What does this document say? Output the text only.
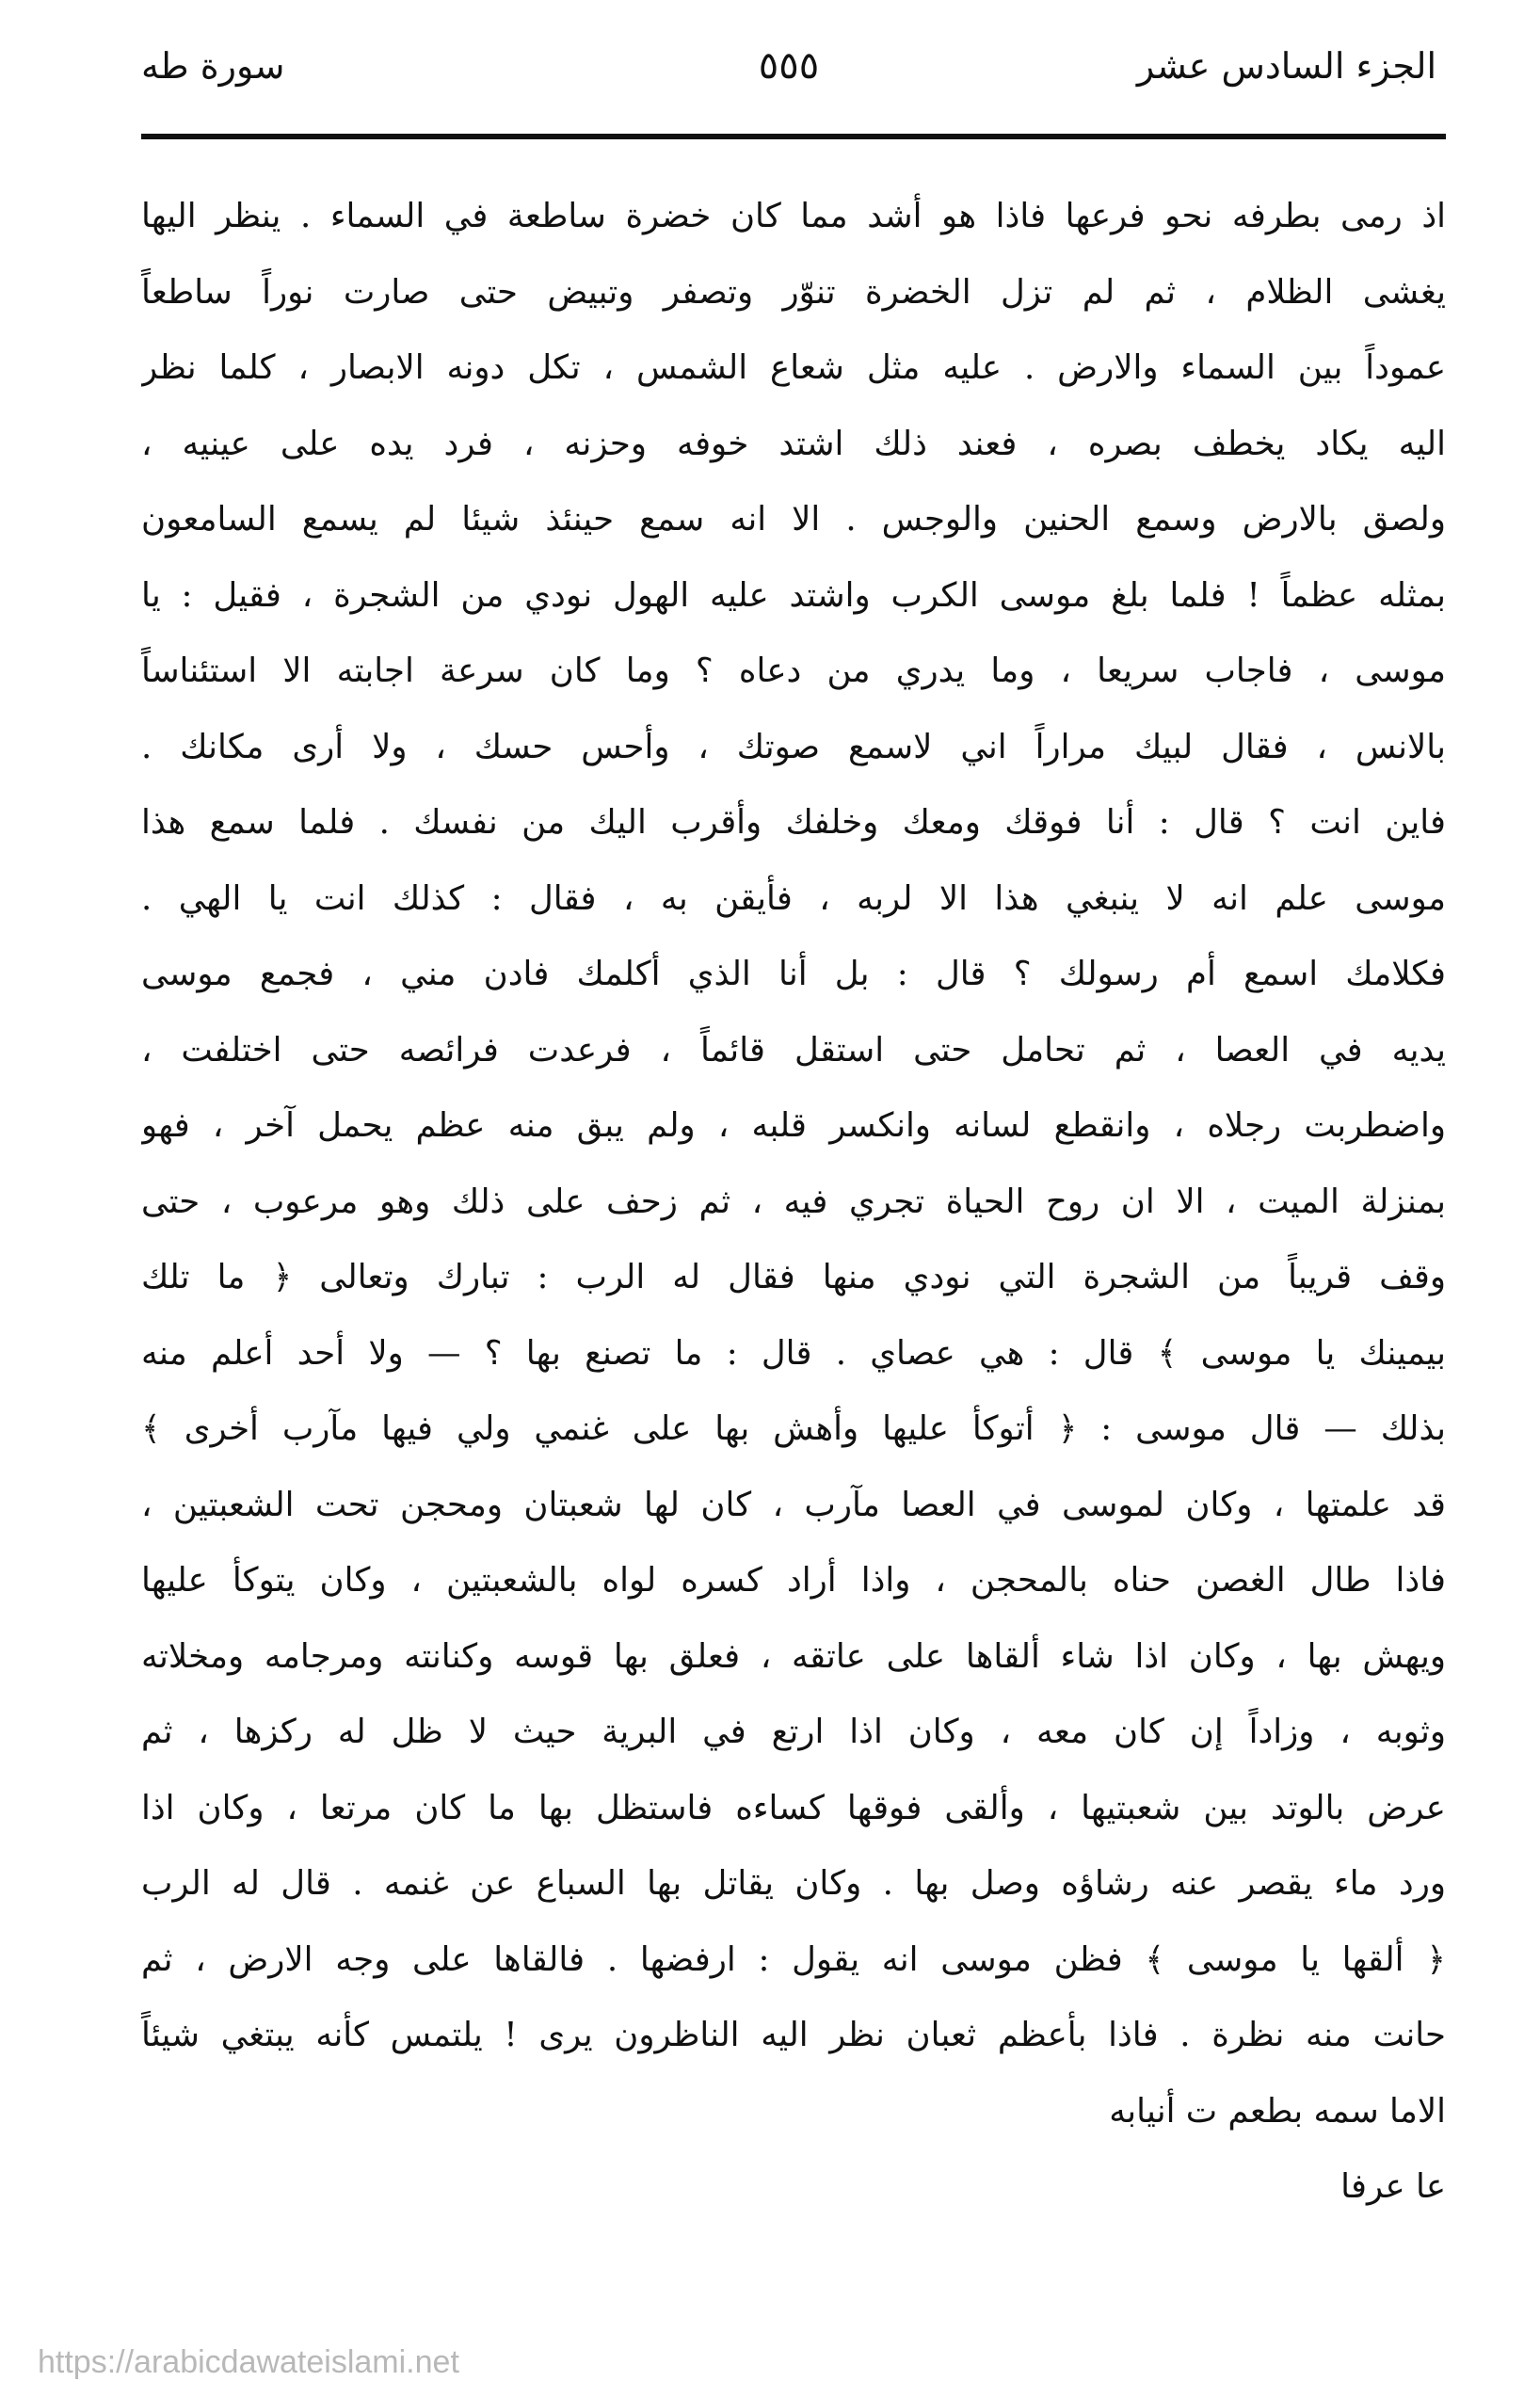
الجزء السادس عشر
٥٥٥
سورة طه
اذ رمى بطرفه نحو فرعها فاذا هو أشد مما كان خضرة ساطعة في السماء . ينظر اليها
يغشى الظلام ، ثم لم تزل الخضرة تنوّر وتصفر وتبيض حتى صارت نوراً ساطعاً
عموداً بين السماء والارض . عليه مثل شعاع الشمس ، تكل دونه الابصار ، كلما نظر
اليه يكاد يخطف بصره ، فعند ذلك اشتد خوفه وحزنه ، فرد يده على عينيه ،
ولصق بالارض وسمع الحنين والوجس . الا انه سمع حينئذ شيئا لم يسمع السامعون
بمثله عظماً ! فلما بلغ موسى الكرب واشتد عليه الهول نودي من الشجرة ، فقيل : يا
موسى ، فاجاب سريعا ، وما يدري من دعاه ؟ وما كان سرعة اجابته الا استئناساً
بالانس ، فقال لبيك مراراً اني لاسمع صوتك ، وأحس حسك ، ولا أرى مكانك .
فاين انت ؟ قال : أنا فوقك ومعك وخلفك وأقرب اليك من نفسك . فلما سمع هذا
موسى علم انه لا ينبغي هذا الا لربه ، فأيقن به ، فقال : كذلك انت يا الهي .
فكلامك اسمع أم رسولك ؟ قال : بل أنا الذي أكلمك فادن مني ، فجمع موسى
يديه في العصا ، ثم تحامل حتى استقل قائماً ، فرعدت فرائصه حتى اختلفت ،
واضطربت رجلاه ، وانقطع لسانه وانكسر قلبه ، ولم يبق منه عظم يحمل آخر ، فهو
بمنزلة الميت ، الا ان روح الحياة تجري فيه ، ثم زحف على ذلك وهو مرعوب ، حتى
وقف قريباً من الشجرة التي نودي منها فقال له الرب : تبارك وتعالى ﴿ ما تلك
بيمينك يا موسى ﴾ قال : هي عصاي . قال : ما تصنع بها ؟ — ولا أحد أعلم منه
بذلك — قال موسى : ﴿ أتوكأ عليها وأهش بها على غنمي ولي فيها مآرب أخرى ﴾
قد علمتها ، وكان لموسى في العصا مآرب ، كان لها شعبتان ومحجن تحت الشعبتين ،
فاذا طال الغصن حناه بالمحجن ، واذا أراد كسره لواه بالشعبتين ، وكان يتوكأ عليها
ويهش بها ، وكان اذا شاء ألقاها على عاتقه ، فعلق بها قوسه وكنانته ومرجامه ومخلاته
وثوبه ، وزاداً إن كان معه ، وكان اذا ارتع في البرية حيث لا ظل له ركزها ، ثم
عرض بالوتد بين شعبتيها ، وألقى فوقها كساءه فاستظل بها ما كان مرتعا ، وكان اذا
ورد ماء يقصر عنه رشاؤه وصل بها . وكان يقاتل بها السباع عن غنمه . قال له الرب
﴿ ألقها يا موسى ﴾ فظن موسى انه يقول : ارفضها . فالقاها على وجه الارض ، ثم
حانت منه نظرة . فاذا بأعظم ثعبان نظر اليه الناظرون يرى ! يلتمس كأنه يبتغي شيئاً
الاما سمه بطعم ت أنيابه
عا عرفا
https://arabicdawateislami.net
